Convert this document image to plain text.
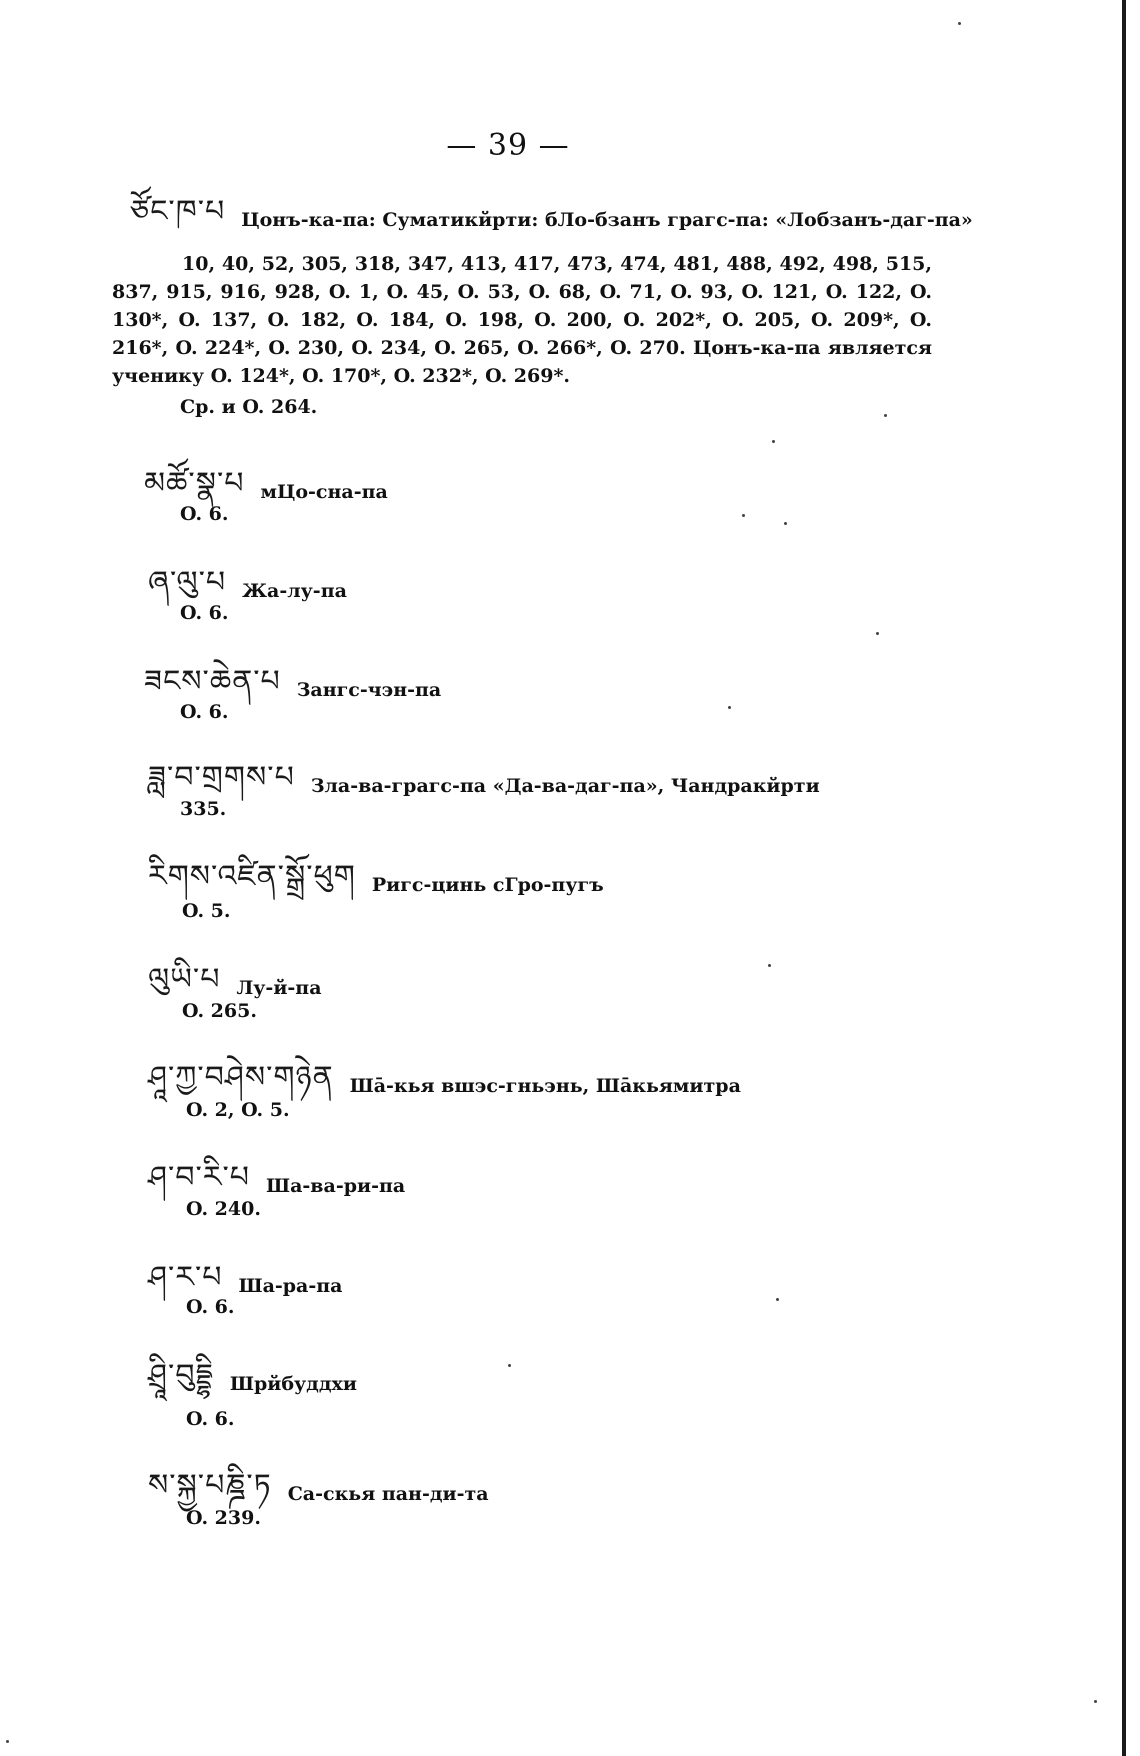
— 39 —
ཙོང་ཁ་པ Цонъ-ка-па: Суматикйрти: бЛо-бзанъ грагс-па: «Лобзанъ-даг-па»
10, 40, 52, 305, 318, 347, 413, 417, 473, 474, 481, 488, 492, 498, 515, 837, 915, 916, 928, O. 1, O. 45, O. 53, O. 68, O. 71, O. 93, O. 121, O. 122, O. 130*, O. 137, O. 182, O. 184, O. 198, O. 200, O. 202*, O. 205, O. 209*, O. 216*, O. 224*, O. 230, O. 234, O. 265, O. 266*, O. 270. Цонъ-ка-па является ученику O. 124*, O. 170*, O. 232*, O. 269*.
Ср. и O. 264.
མཚོ་སྣ་པ мЦо-сна-па
O. 6.
ཞ་ལུ་པ Жа-лу-па
O. 6.
ཟངས་ཆེན་པ Зангс-чэн-па
O. 6.
ཟླ་བ་གྲགས་པ Зла-ва-грагс-па «Да-ва-даг-па», Чандракйрти
335.
རིགས་འཛིན་སྒྲོ་ཕུག Ригс-цинь сГро-пугъ
O. 5.
ལུཡི་པ Лу-й-па
O. 265.
ཤཱ་ཀྱ་བཤེས་གཉེན Шā-кья вшэс-гньэнь, Шāкьямитра
O. 2, O. 5.
ཤ་བ་རི་པ Ша-ва-ри-па
O. 240.
ཤ་ར་པ Ша-ра-па
O. 6.
ཤྲཱི་བུདྡྷི Шрйбуддхи
O. 6.
ས་སྐྱ་པཎྜི་ཏ Са-скья пан-ди-та
O. 239.
